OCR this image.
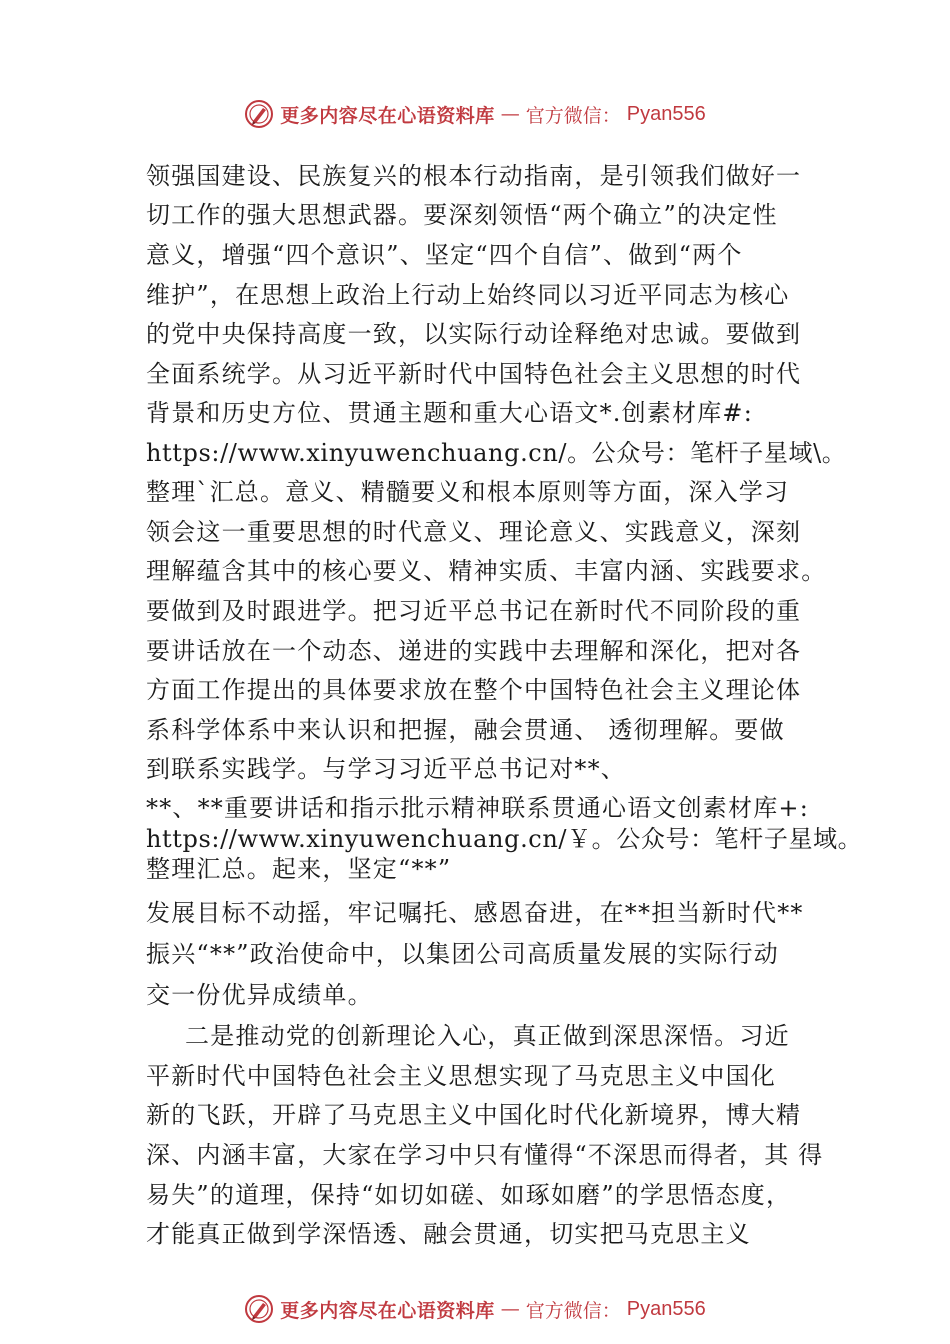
更多内容尽在心语资料库 — 官方微信： Pyan556
领强国建设、民族复兴的根本行动指南，是引领我们做好一
切工作的强大思想武器。要深刻领悟“两个确立”的决定性
意义，增强“四个意识”、坚定“四个自信”、做到“两个
维护”，在思想上政治上行动上始终同以习近平同志为核心
的党中央保持高度一致，以实际行动诠释绝对忠诚。要做到
全面系统学。从习近平新时代中国特色社会主义思想的时代
背景和历史方位、贯通主题和重大心语文*.创素材库#:
https://www.xinyuwenchuang.cn/。公众号：笔杆子星域\。
整理`汇总。意义、精髓要义和根本原则等方面，深入学习
领会这一重要思想的时代意义、理论意义、实践意义，深刻
理解蕴含其中的核心要义、精神实质、丰富内涵、实践要求。
要做到及时跟进学。把习近平总书记在新时代不同阶段的重
要讲话放在一个动态、递进的实践中去理解和深化，把对各
方面工作提出的具体要求放在整个中国特色社会主义理论体
系科学体系中来认识和把握，融会贯通、 透彻理解。要做
到联系实践学。与学习习近平总书记对**、
**、**重要讲话和指示批示精神联系贯通心语文创素材库+:
https://www.xinyuwenchuang.cn/￥。公众号：笔杆子星域。
整理汇总。起来，坚定“**”
发展目标不动摇，牢记嘱托、感恩奋进，在**担当新时代**
振兴“**”政治使命中，以集团公司高质量发展的实际行动
交一份优异成绩单。
二是推动党的创新理论入心，真正做到深思深悟。习近
平新时代中国特色社会主义思想实现了马克思主义中国化
新的飞跃，开辟了马克思主义中国化时代化新境界，博大精
深、内涵丰富，大家在学习中只有懂得“不深思而得者，其 得
易失”的道理，保持“如切如磋、如琢如磨”的学思悟态度，
才能真正做到学深悟透、融会贯通，切实把马克思主义
更多内容尽在心语资料库 — 官方微信： Pyan556
